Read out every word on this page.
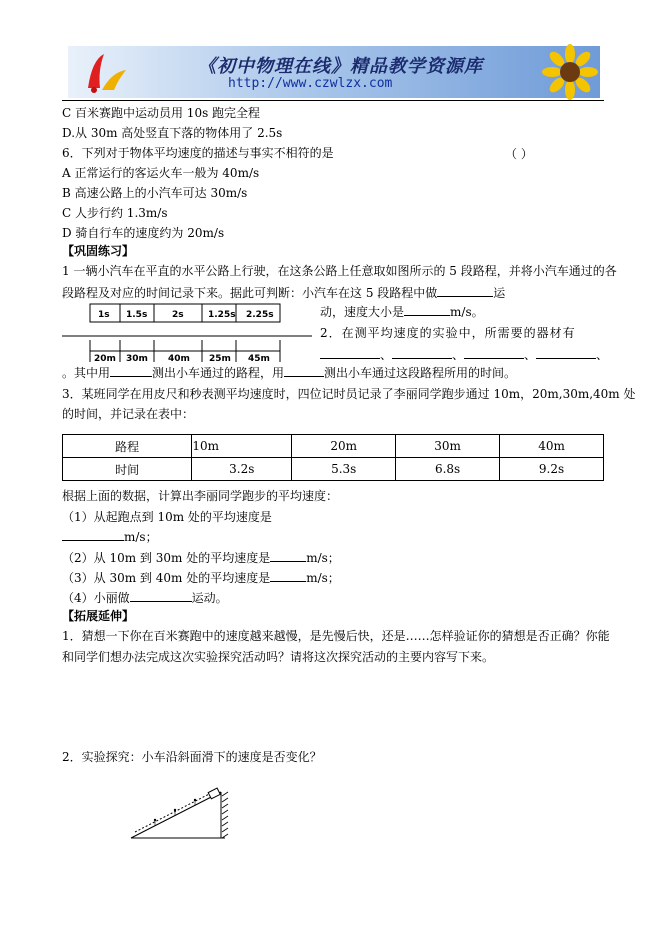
《初中物理在线》精品教学资源库
http://www.czwlzx.com
C 百米赛跑中运动员用 10s 跑完全程
D.从 30m 高处竖直下落的物体用了 2.5s
6．下列对于物体平均速度的描述与事实不相符的是	（ ）
A 正常运行的客运火车一般为 40m/s
B 高速公路上的小汽车可达 30m/s
C 人步行约 1.3m/s
D 骑自行车的速度约为 20m/s
【巩固练习】
1 一辆小汽车在平直的水平公路上行驶，在这条公路上任意取如图所示的 5 段路程，并将小汽车通过的各
段路程及对应的时间记录下来。据此可判断：小汽车在这 5 段路程中做	运
1s 1.5s	2s	1.25s 2.25s
20m 30m 40m 25m 45m
动，速度大小是	m/s。
2．在测平均速度的实验中，所需要的器材有
、	、	、	、
。其中用	测出小车通过的路程，用	测出小车通过这段路程所用的时间。
3．某班同学在用皮尺和秒表测平均速度时，四位记时员记录了李丽同学跑步通过 10m，20m,30m,40m 处
的时间，并记录在表中：
路程	10m	20m	30m	40m
时间	3.2s	5.3s	6.8s	9.2s
根据上面的数据，计算出李丽同学跑步的平均速度：
（1）从起跑点到 10m 处的平均速度是
m/s；
（2）从 10m 到 30m 处的平均速度是	m/s；
（3）从 30m 到 40m 处的平均速度是	m/s；
（4）小丽做	运动。
【拓展延伸】
1．猜想一下你在百米赛跑中的速度越来越慢，是先慢后快，还是……怎样验证你的猜想是否正确？你能
和同学们想办法完成这次实验探究活动吗？请将这次探究活动的主要内容写下来。
2．实验探究：小车沿斜面滑下的速度是否变化？
